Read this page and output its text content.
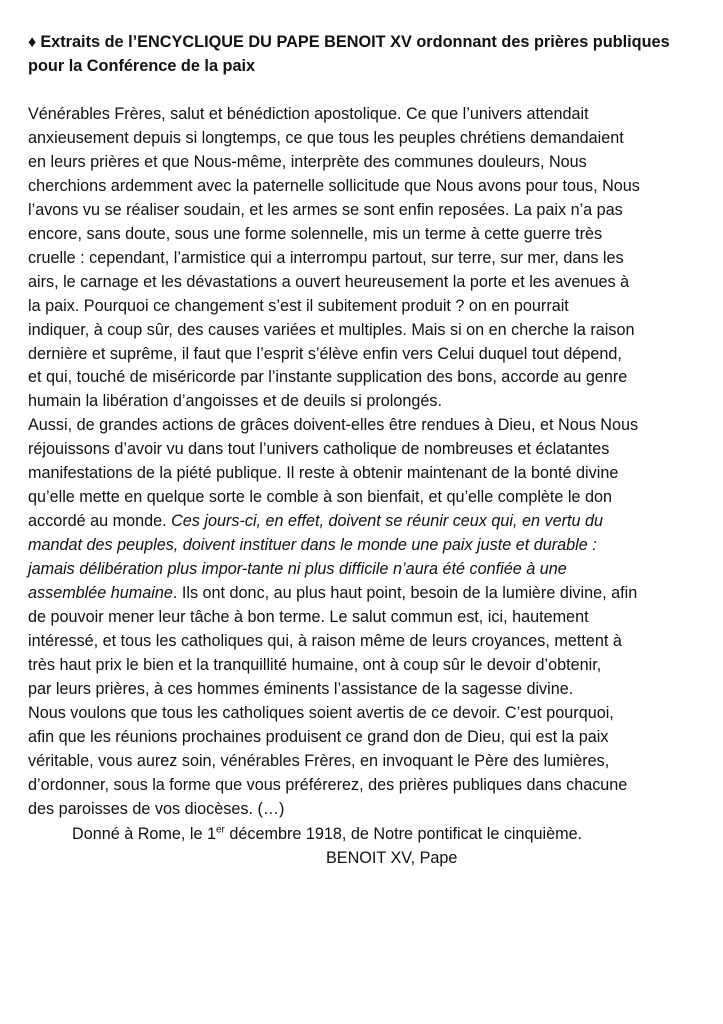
♦ Extraits de l’ENCYCLIQUE DU PAPE BENOIT XV ordonnant des prières publiques
pour la Conférence de la paix
Vénérables Frères, salut et bénédiction apostolique. Ce que l’univers attendait
anxieusement depuis si longtemps, ce que tous les peuples chrétiens demandaient
en leurs prières et que Nous-même, interprète des communes douleurs, Nous
cherchions ardemment avec la paternelle sollicitude que Nous avons pour tous, Nous
l’avons vu se réaliser soudain, et les armes se sont enfin reposées. La paix n’a pas
encore, sans doute, sous une forme solennelle, mis un terme à cette guerre très
cruelle : cependant, l’armistice qui a interrompu partout, sur terre, sur mer, dans les
airs, le carnage et les dévastations a ouvert heureusement la porte et les avenues à
la paix. Pourquoi ce changement s’est il subitement produit ? on en pourrait
indiquer, à coup sûr, des causes variées et multiples. Mais si on en cherche la raison
dernière et suprême, il faut que l’esprit s’élève enfin vers Celui duquel tout dépend,
et qui, touché de miséricorde par l’instante supplication des bons, accorde au genre
humain la libération d’angoisses et de deuils si prolongés.
Aussi, de grandes actions de grâces doivent-elles être rendues à Dieu, et Nous Nous
réjouissons d’avoir vu dans tout l’univers catholique de nombreuses et éclatantes
manifestations de la piété publique. Il reste à obtenir maintenant de la bonté divine
qu’elle mette en quelque sorte le comble à son bienfait, et qu’elle complète le don
accordé au monde. Ces jours-ci, en effet, doivent se réunir ceux qui, en vertu du
mandat des peuples, doivent instituer dans le monde une paix juste et durable :
jamais délibération plus impor-tante ni plus difficile n’aura été confiée à une
assemblée humaine. Ils ont donc, au plus haut point, besoin de la lumière divine, afin
de pouvoir mener leur tâche à bon terme. Le salut commun est, ici, hautement
intéressé, et tous les catholiques qui, à raison même de leurs croyances, mettent à
très haut prix le bien et la tranquillité humaine, ont à coup sûr le devoir d’obtenir,
par leurs prières, à ces hommes éminents l’assistance de la sagesse divine.
Nous voulons que tous les catholiques soient avertis de ce devoir. C’est pourquoi,
afin que les réunions prochaines produisent ce grand don de Dieu, qui est la paix
véritable, vous aurez soin, vénérables Frères, en invoquant le Père des lumières,
d’ordonner, sous la forme que vous préférerez, des prières publiques dans chacune
des paroisses de vos diocèses. (…)
Donné à Rome, le 1er décembre 1918, de Notre pontificat le cinquième.
BENOIT XV, Pape
